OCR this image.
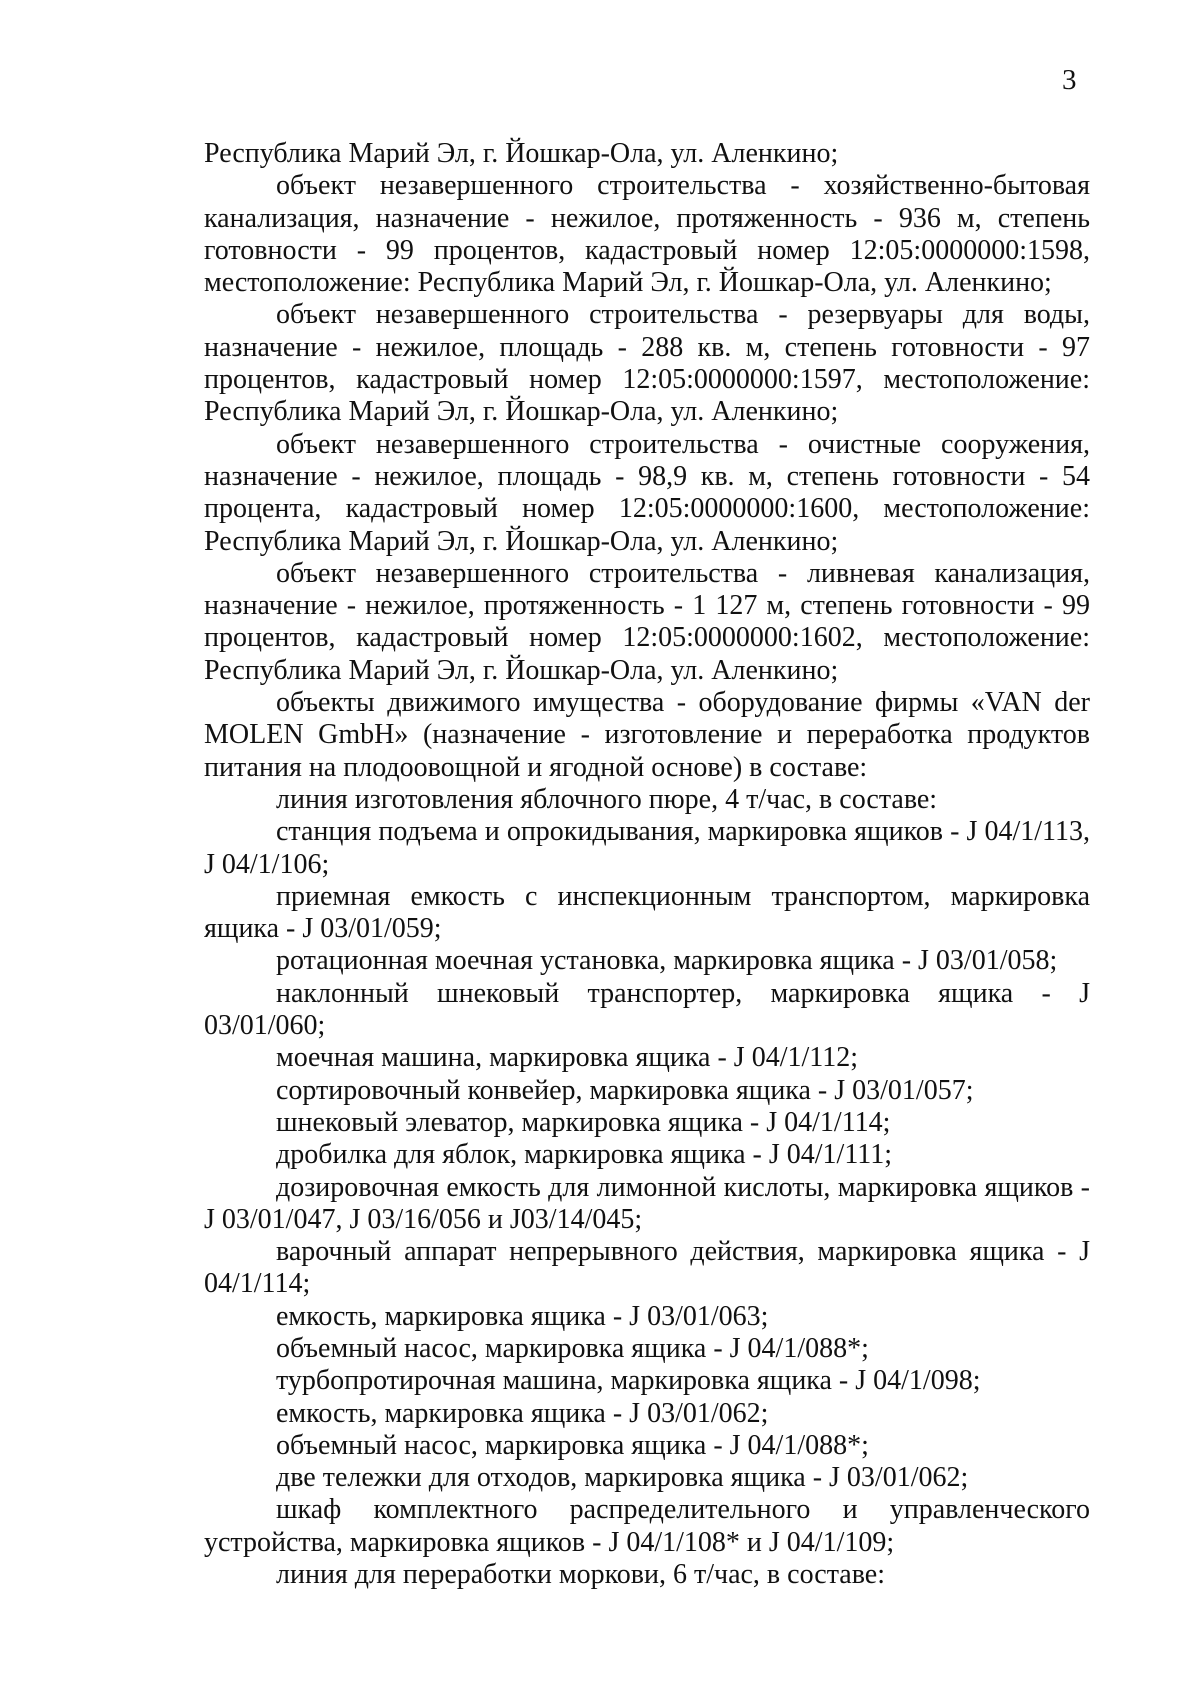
3

Республика Марий Эл, г. Йошкар-Ола, ул. Аленкино;

объект незавершенного строительства - хозяйственно-бытовая канализация, назначение - нежилое, протяженность - 936 м, степень готовности - 99 процентов, кадастровый номер 12:05:0000000:1598, местоположение: Республика Марий Эл, г. Йошкар-Ола, ул. Аленкино;

объект незавершенного строительства - резервуары для воды, назначение - нежилое, площадь - 288 кв. м, степень готовности - 97 процентов, кадастровый номер 12:05:0000000:1597, местоположение: Республика Марий Эл, г. Йошкар-Ола, ул. Аленкино;

объект незавершенного строительства - очистные сооружения, назначение - нежилое, площадь - 98,9 кв. м, степень готовности - 54 процента, кадастровый номер 12:05:0000000:1600, местоположение: Республика Марий Эл, г. Йошкар-Ола, ул. Аленкино;

объект незавершенного строительства - ливневая канализация, назначение - нежилое, протяженность - 1 127 м, степень готовности - 99 процентов, кадастровый номер 12:05:0000000:1602, местоположение: Республика Марий Эл, г. Йошкар-Ола, ул. Аленкино;

объекты движимого имущества - оборудование фирмы «VAN der MOLEN GmbH» (назначение - изготовление и переработка продуктов питания на плодоовощной и ягодной основе) в составе:

линия изготовления яблочного пюре, 4 т/час, в составе:

станция подъема и опрокидывания, маркировка ящиков - J 04/1/113, J 04/1/106;

приемная емкость с инспекционным транспортом, маркировка ящика - J 03/01/059;

ротационная моечная установка, маркировка ящика - J 03/01/058;

наклонный шнековый транспортер, маркировка ящика - J 03/01/060;

моечная машина, маркировка ящика - J 04/1/112;

сортировочный конвейер, маркировка ящика - J 03/01/057;

шнековый элеватор, маркировка ящика - J 04/1/114;

дробилка для яблок, маркировка ящика - J 04/1/111;

дозировочная емкость для лимонной кислоты, маркировка ящиков - J 03/01/047, J 03/16/056 и J03/14/045;

варочный аппарат непрерывного действия, маркировка ящика - J 04/1/114;

емкость, маркировка ящика - J 03/01/063;

объемный насос, маркировка ящика - J 04/1/088*;

турбопротирочная машина, маркировка ящика - J 04/1/098;

емкость, маркировка ящика - J 03/01/062;

объемный насос, маркировка ящика - J 04/1/088*;

две тележки для отходов, маркировка ящика - J 03/01/062;

шкаф комплектного распределительного и управленческого устройства, маркировка ящиков - J 04/1/108* и J 04/1/109;

линия для переработки моркови, 6 т/час, в составе:
